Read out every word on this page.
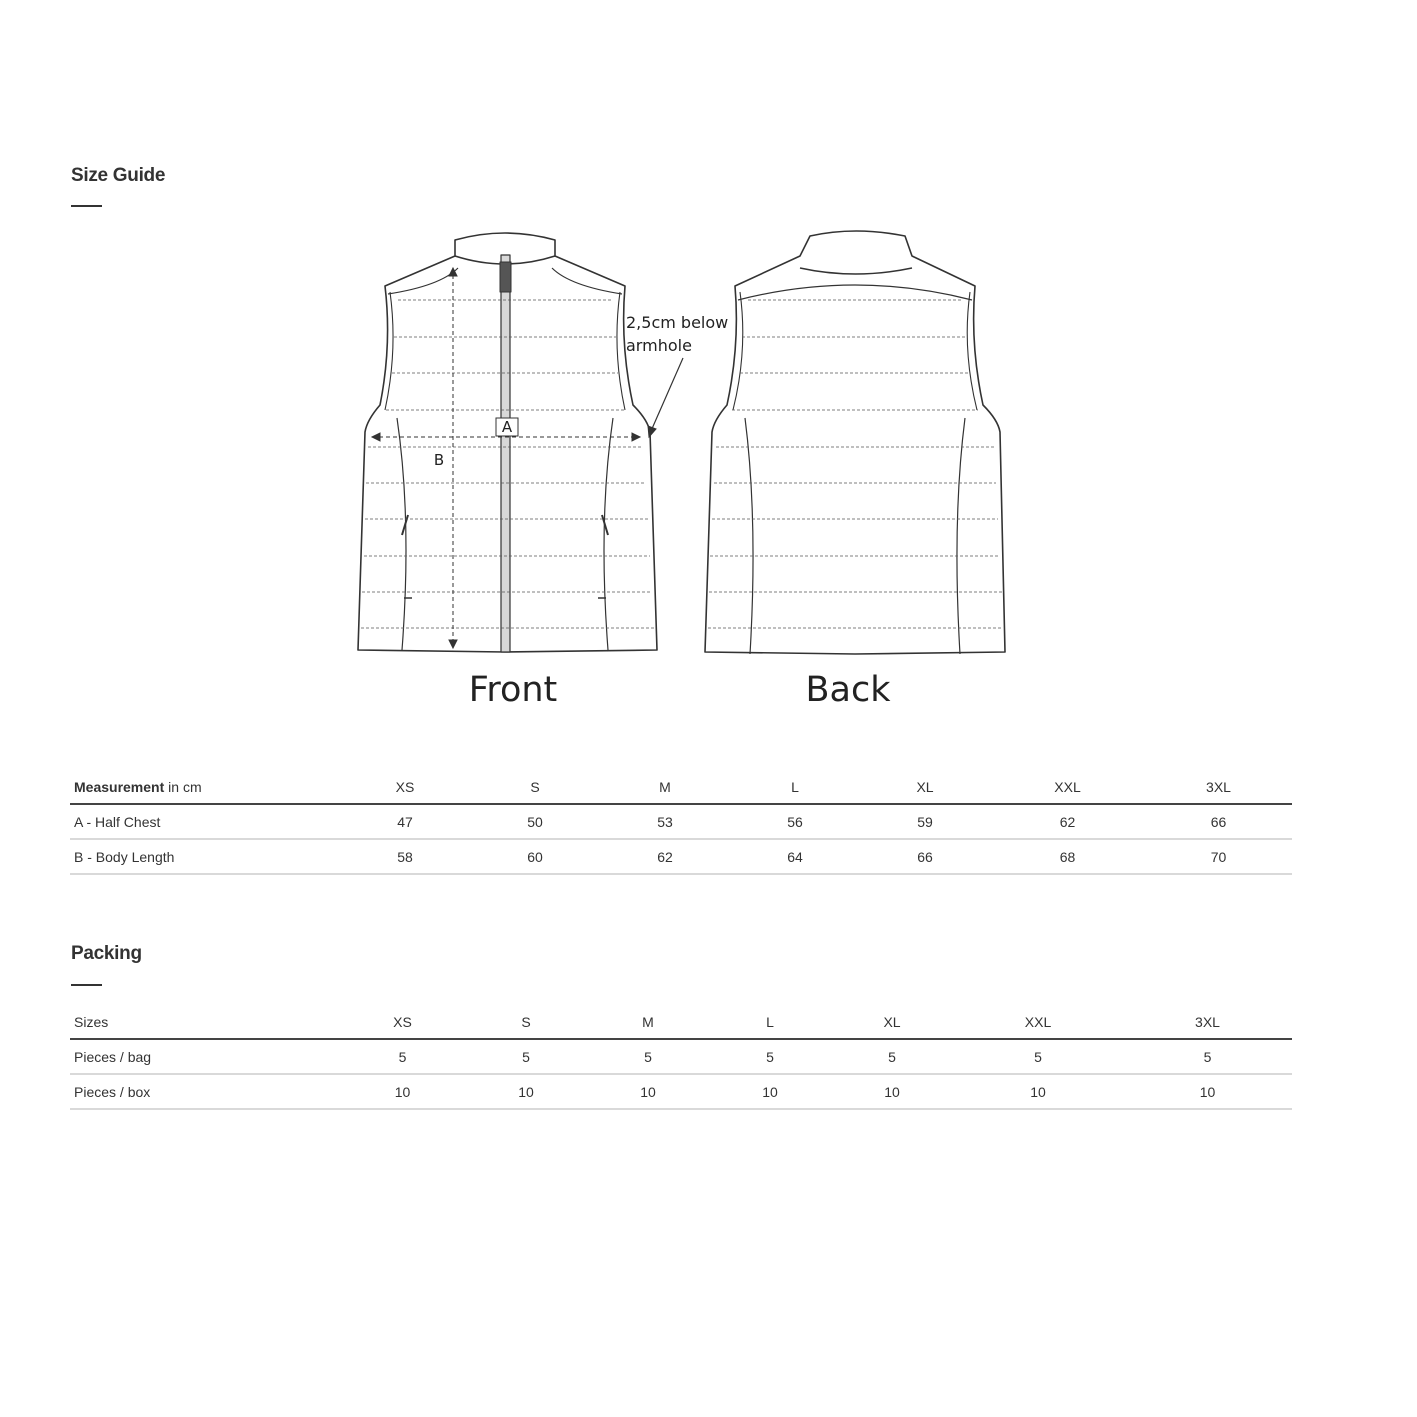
Size Guide
A
B
2,5cm below
armhole
Front	Back
Measurement in cm	XS	S	M	L	XL	XXL	3XL
A - Half Chest	47	50	53	56	59	62	66
B - Body Length	58	60	62	64	66	68	70
Packing
Sizes	XS	S	M	L	XL	XXL	3XL
Pieces / bag	5	5	5	5	5	5	5
Pieces / box	10	10	10	10	10	10	10
